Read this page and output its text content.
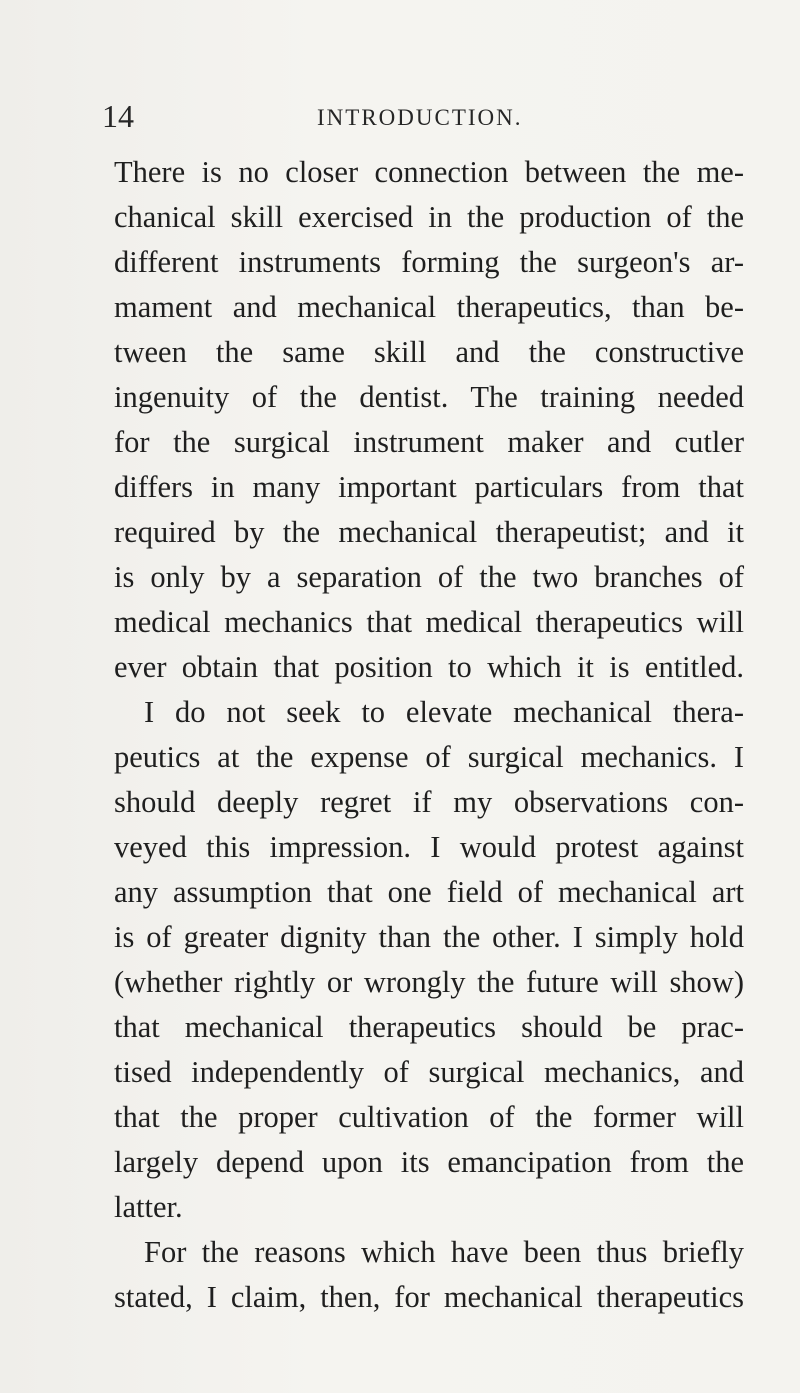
14	INTRODUCTION.
There is no closer connection between the me-
chanical skill exercised in the production of the
different instruments forming the surgeon's ar-
mament and mechanical therapeutics, than be-
tween the same skill and the constructive
ingenuity of the dentist. The training needed
for the surgical instrument maker and cutler
differs in many important particulars from that
required by the mechanical therapeutist; and it
is only by a separation of the two branches of
medical mechanics that medical therapeutics will
ever obtain that position to which it is entitled.
I do not seek to elevate mechanical thera-
peutics at the expense of surgical mechanics. I
should deeply regret if my observations con-
veyed this impression. I would protest against
any assumption that one field of mechanical art
is of greater dignity than the other. I simply hold
(whether rightly or wrongly the future will show)
that mechanical therapeutics should be prac-
tised independently of surgical mechanics, and
that the proper cultivation of the former will
largely depend upon its emancipation from the
latter.
For the reasons which have been thus briefly
stated, I claim, then, for mechanical therapeutics
